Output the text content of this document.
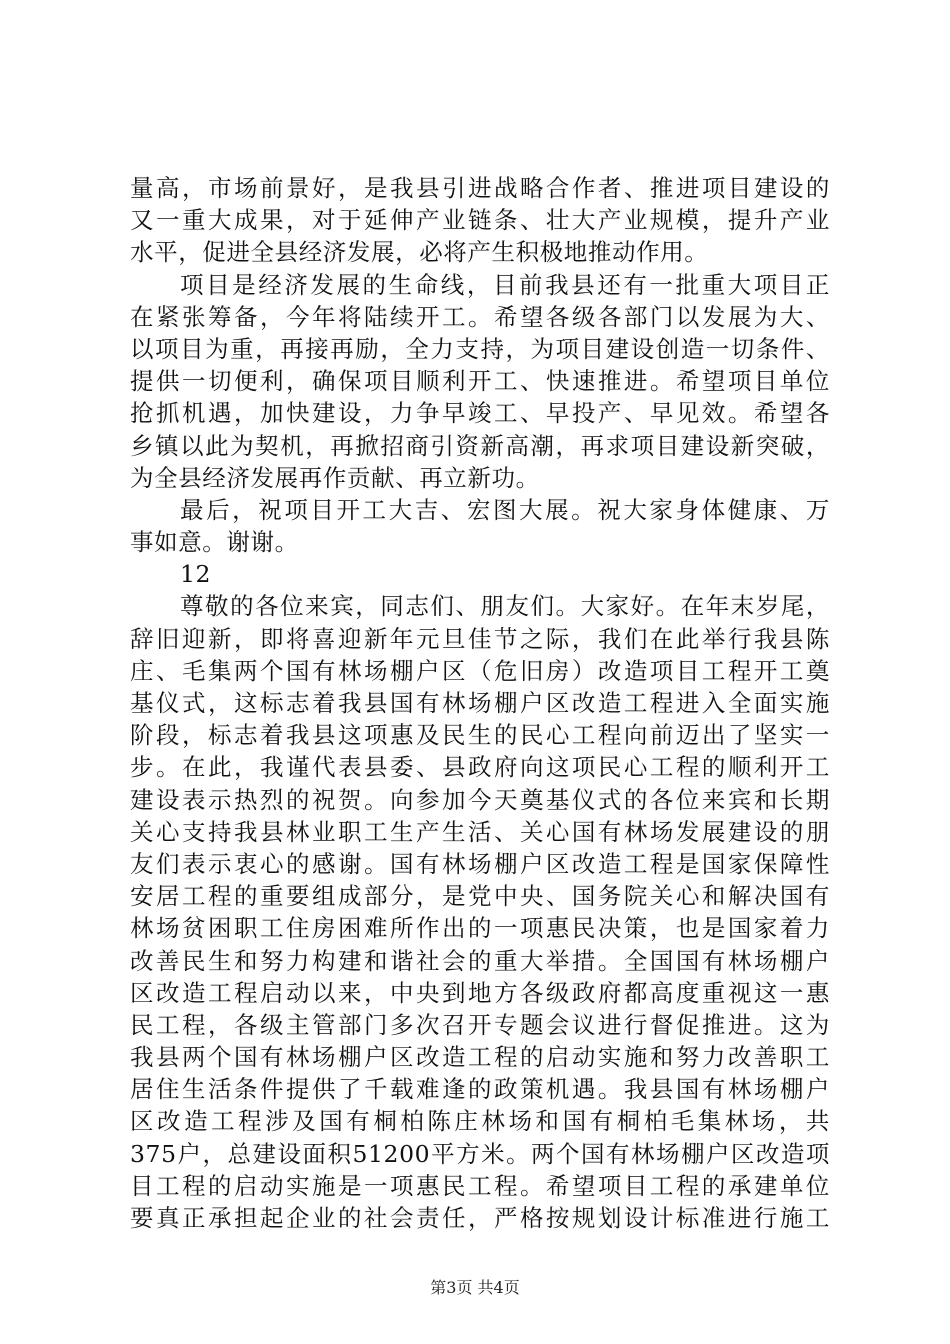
量高，市场前景好，是我县引进战略合作者、推进项目建设的
又一重大成果，对于延伸产业链条、壮大产业规模，提升产业
水平，促进全县经济发展，必将产生积极地推动作用。
项目是经济发展的生命线，目前我县还有一批重大项目正
在紧张筹备，今年将陆续开工。希望各级各部门以发展为大、
以项目为重，再接再励，全力支持，为项目建设创造一切条件、
提供一切便利，确保项目顺利开工、快速推进。希望项目单位
抢抓机遇，加快建设，力争早竣工、早投产、早见效。希望各
乡镇以此为契机，再掀招商引资新高潮，再求项目建设新突破，
为全县经济发展再作贡献、再立新功。
最后，祝项目开工大吉、宏图大展。祝大家身体健康、万
事如意。谢谢。
12
尊敬的各位来宾，同志们、朋友们。大家好。在年末岁尾，
辞旧迎新，即将喜迎新年元旦佳节之际，我们在此举行我县陈
庄、毛集两个国有林场棚户区（危旧房）改造项目工程开工奠
基仪式，这标志着我县国有林场棚户区改造工程进入全面实施
阶段，标志着我县这项惠及民生的民心工程向前迈出了坚实一
步。在此，我谨代表县委、县政府向这项民心工程的顺利开工
建设表示热烈的祝贺。向参加今天奠基仪式的各位来宾和长期
关心支持我县林业职工生产生活、关心国有林场发展建设的朋
友们表示衷心的感谢。国有林场棚户区改造工程是国家保障性
安居工程的重要组成部分，是党中央、国务院关心和解决国有
林场贫困职工住房困难所作出的一项惠民决策，也是国家着力
改善民生和努力构建和谐社会的重大举措。全国国有林场棚户
区改造工程启动以来，中央到地方各级政府都高度重视这一惠
民工程，各级主管部门多次召开专题会议进行督促推进。这为
我县两个国有林场棚户区改造工程的启动实施和努力改善职工
居住生活条件提供了千载难逢的政策机遇。我县国有林场棚户
区改造工程涉及国有桐柏陈庄林场和国有桐柏毛集林场，共
375户，总建设面积51200平方米。两个国有林场棚户区改造项
目工程的启动实施是一项惠民工程。希望项目工程的承建单位
要真正承担起企业的社会责任，严格按规划设计标准进行施工
第3页 共4页
